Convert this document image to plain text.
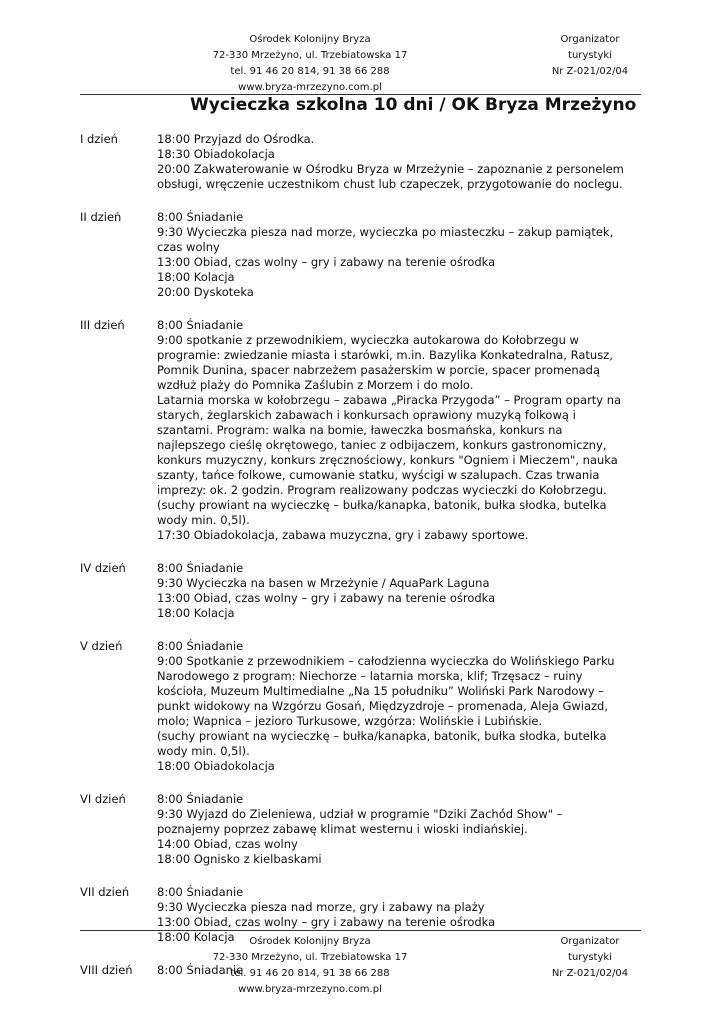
Ośrodek Kolonijny Bryza
72-330 Mrzeżyno, ul. Trzebiatowska 17
tel. 91 46 20 814, 91 38 66 288
www.bryza-mrzezyno.com.pl
Organizator
turystyki
Nr Z-021/02/04
Wycieczka szkolna 10 dni / OK Bryza Mrzeżyno
I dzień	18:00 Przyjazd do Ośrodka.
18:30 Obiadokolacja
20:00 Zakwaterowanie w Ośrodku Bryza w Mrzeżynie – zapoznanie z personelem
obsługi, wręczenie uczestnikom chust lub czapeczek, przygotowanie do noclegu.
II dzień	8:00 Śniadanie
9:30 Wycieczka piesza nad morze, wycieczka po miasteczku – zakup pamiątek,
czas wolny
13:00 Obiad, czas wolny – gry i zabawy na terenie ośrodka
18:00 Kolacja
20:00 Dyskoteka
III dzień	8:00 Śniadanie
9:00 spotkanie z przewodnikiem, wycieczka autokarowa do Kołobrzegu w
programie: zwiedzanie miasta i starówki, m.in. Bazylika Konkatedralna, Ratusz,
Pomnik Dunina, spacer nabrzeżem pasażerskim w porcie, spacer promenadą
wzdłuż plaży do Pomnika Zaślubin z Morzem i do molo.
Latarnia morska w kołobrzegu – zabawa „Piracka Przygoda” – Program oparty na
starych, żeglarskich zabawach i konkursach oprawiony muzyką folkową i
szantami. Program: walka na bomie, ławeczka bosmańska, konkurs na
najlepszego cieślę okrętowego, taniec z odbijaczem, konkurs gastronomiczny,
konkurs muzyczny, konkurs zręcznościowy, konkurs "Ogniem i Mieczem", nauka
szanty, tańce folkowe, cumowanie statku, wyścigi w szalupach. Czas trwania
imprezy: ok. 2 godzin. Program realizowany podczas wycieczki do Kołobrzegu.
(suchy prowiant na wycieczkę – bułka/kanapka, batonik, bułka słodka, butelka
wody min. 0,5l).
17:30 Obiadokolacja, zabawa muzyczna, gry i zabawy sportowe.
IV dzień	8:00 Śniadanie
9:30 Wycieczka na basen w Mrzeżynie / AquaPark Laguna
13:00 Obiad, czas wolny – gry i zabawy na terenie ośrodka
18:00 Kolacja
V dzień	8:00 Śniadanie
9:00 Spotkanie z przewodnikiem – całodzienna wycieczka do Wolińskiego Parku
Narodowego z program: Niechorze – latarnia morska, klif; Trzęsacz – ruiny
kościoła, Muzeum Multimedialne „Na 15 południku” Woliński Park Narodowy –
punkt widokowy na Wzgórzu Gosań, Międzyzdroje – promenada, Aleja Gwiazd,
molo; Wapnica – jezioro Turkusowe, wzgórza: Wolińskie i Lubińskie.
(suchy prowiant na wycieczkę – bułka/kanapka, batonik, bułka słodka, butelka
wody min. 0,5l).
18:00 Obiadokolacja
VI dzień	8:00 Śniadanie
9:30 Wyjazd do Zieleniewa, udział w programie "Dziki Zachód Show" –
poznajemy poprzez zabawę klimat westernu i wioski indiańskiej.
14:00 Obiad, czas wolny
18:00 Ognisko z kielbaskami
VII dzień	8:00 Śniadanie
9:30 Wycieczka piesza nad morze, gry i zabawy na plaży
13:00 Obiad, czas wolny – gry i zabawy na terenie ośrodka
18:00 Kolacja
VIII dzień	8:00 Śniadanie
Ośrodek Kolonijny Bryza
72-330 Mrzeżyno, ul. Trzebiatowska 17
tel. 91 46 20 814, 91 38 66 288
www.bryza-mrzezyno.com.pl
Organizator
turystyki
Nr Z-021/02/04
